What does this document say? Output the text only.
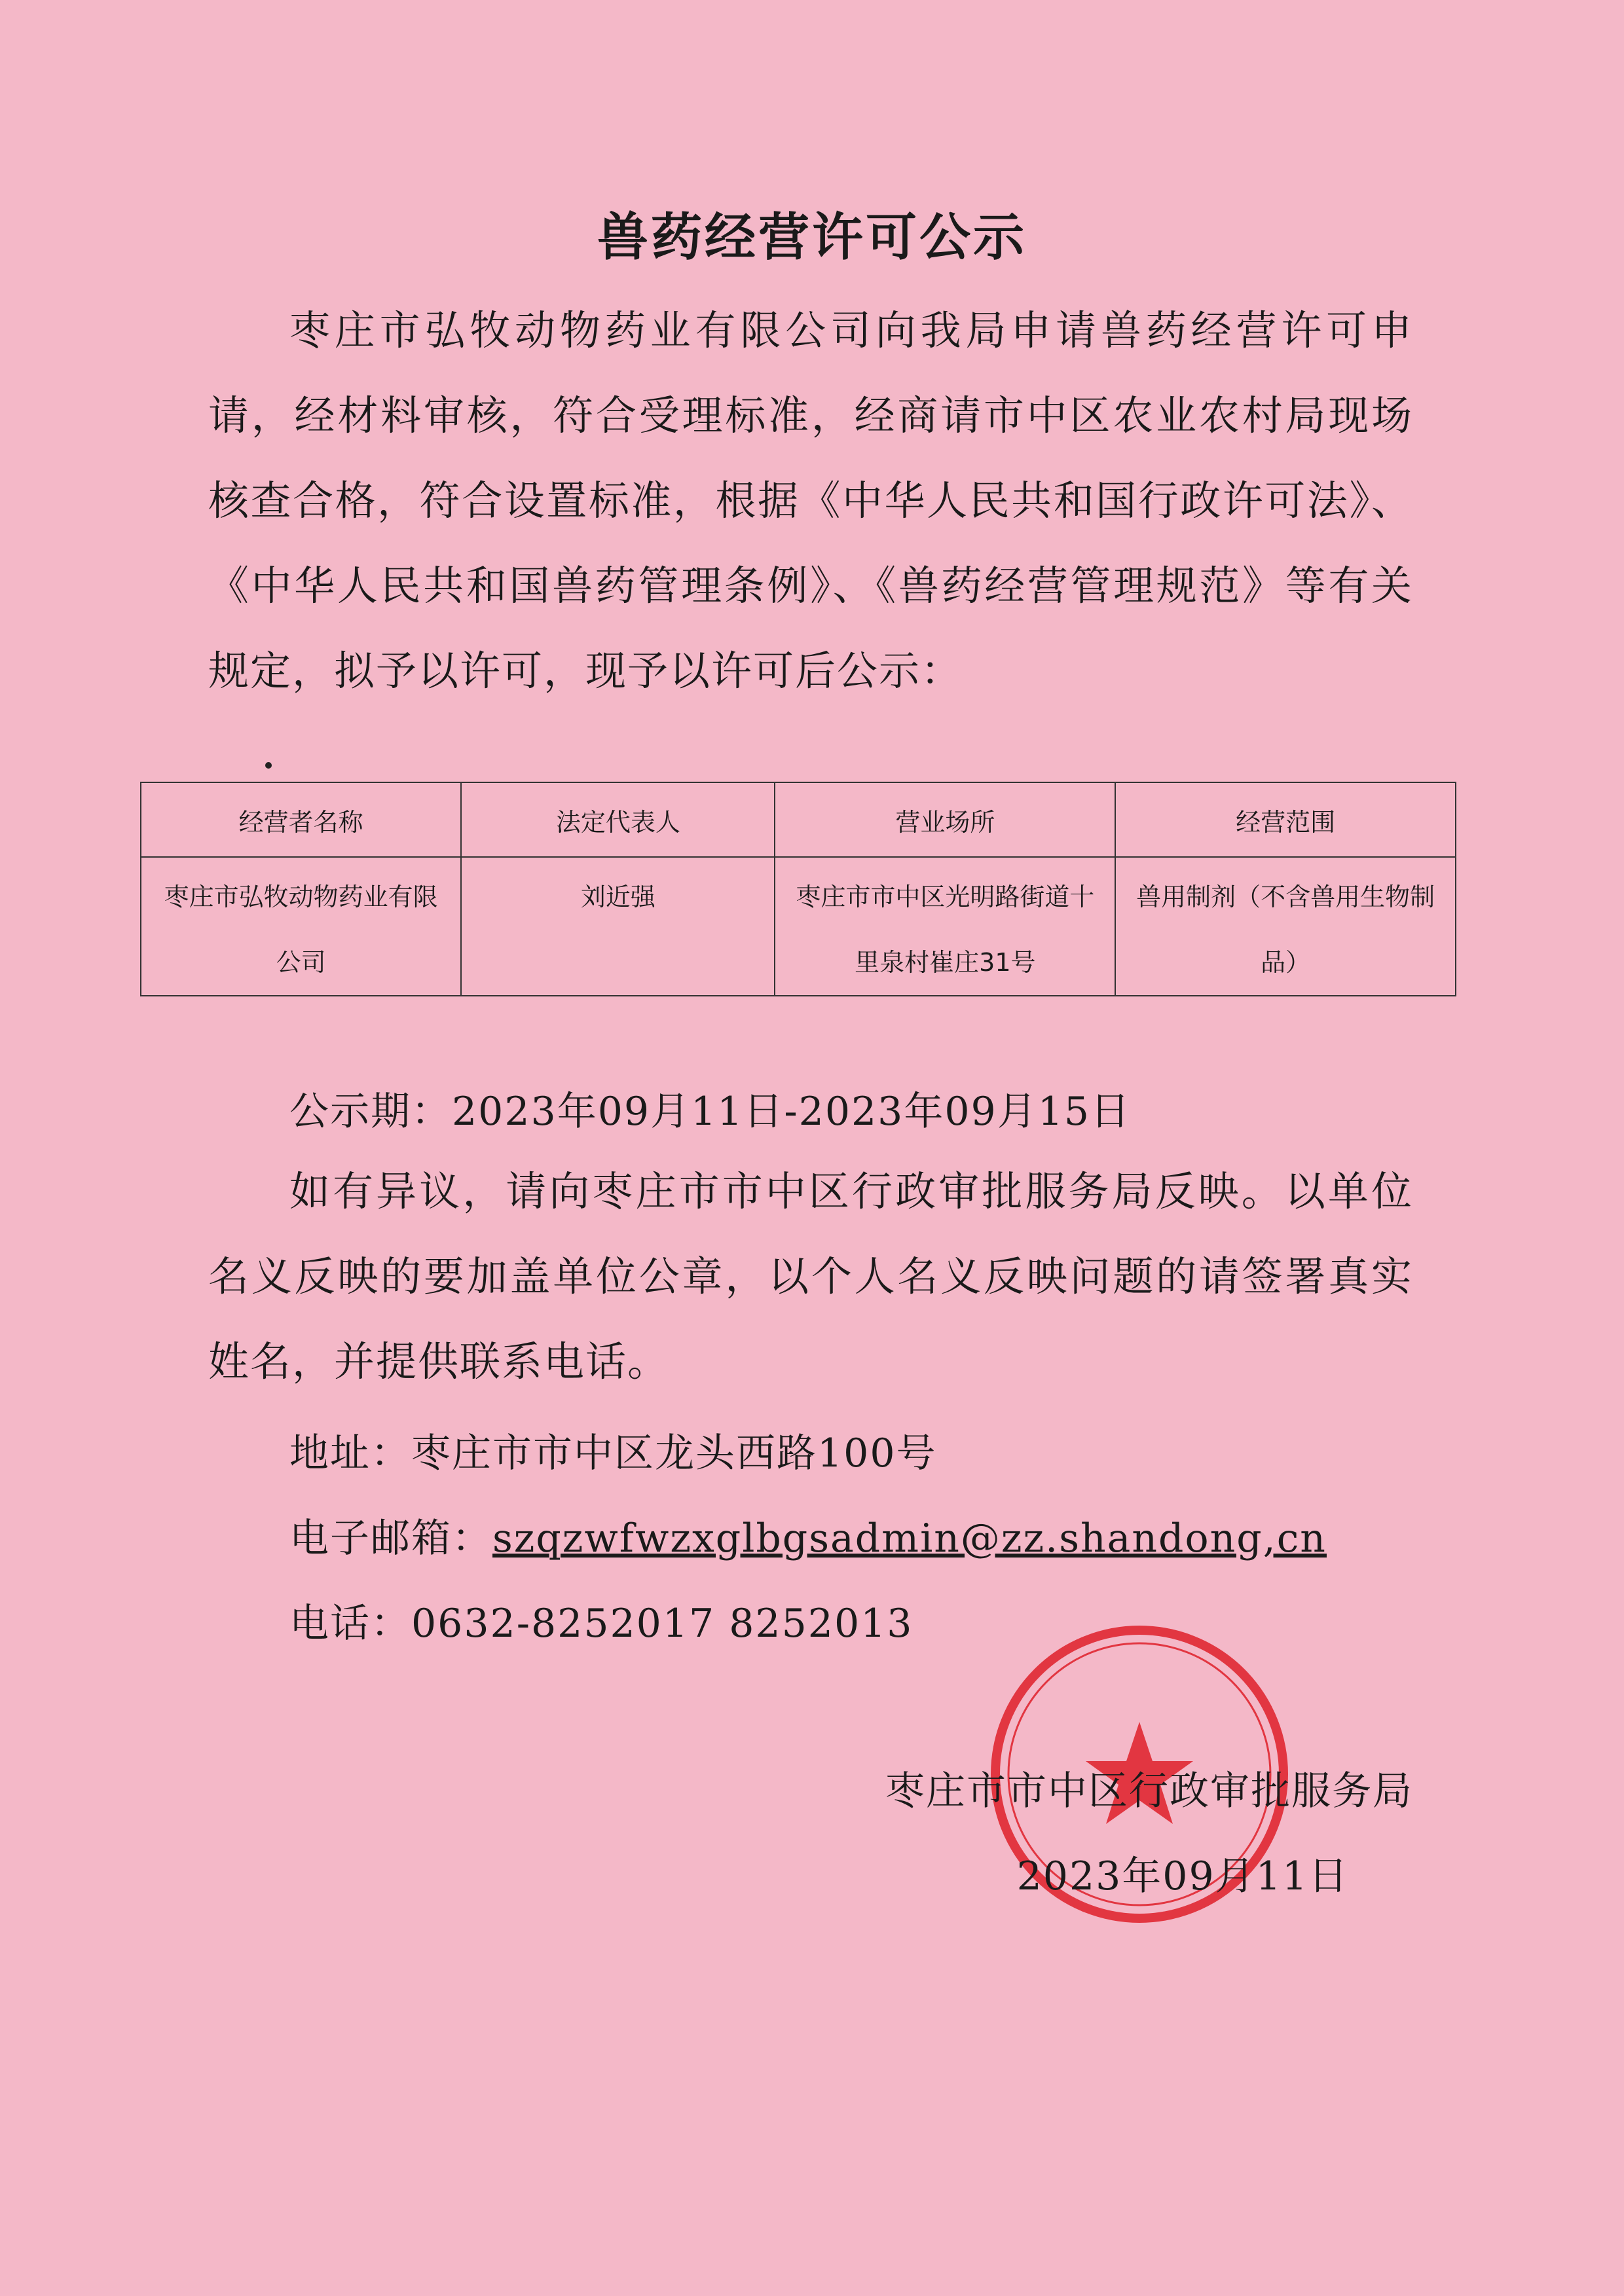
兽药经营许可公示
枣庄市弘牧动物药业有限公司向我局申请兽药经营许可申请，经材料审核，符合受理标准，经商请市中区农业农村局现场核查合格，符合设置标准，根据《中华人民共和国行政许可法》、《中华人民共和国兽药管理条例》、《兽药经营管理规范》等有关规定，拟予以许可，现予以许可后公示：
经营者名称	法定代表人	营业场所	经营范围
枣庄市弘牧动物药业有限公司	刘近强	枣庄市市中区光明路街道十里泉村崔庄31号	兽用制剂（不含兽用生物制品）
公示期：2023年09月11日-2023年09月15日
如有异议，请向枣庄市市中区行政审批服务局反映。以单位名义反映的要加盖单位公章，以个人名义反映问题的请签署真实姓名，并提供联系电话。
地址：枣庄市市中区龙头西路100号
电子邮箱：szqzwfwzxglbgsadmin@zz.shandong,cn
电话：0632-8252017 8252013
枣庄市市中区行政审批服务局
2023年09月11日
